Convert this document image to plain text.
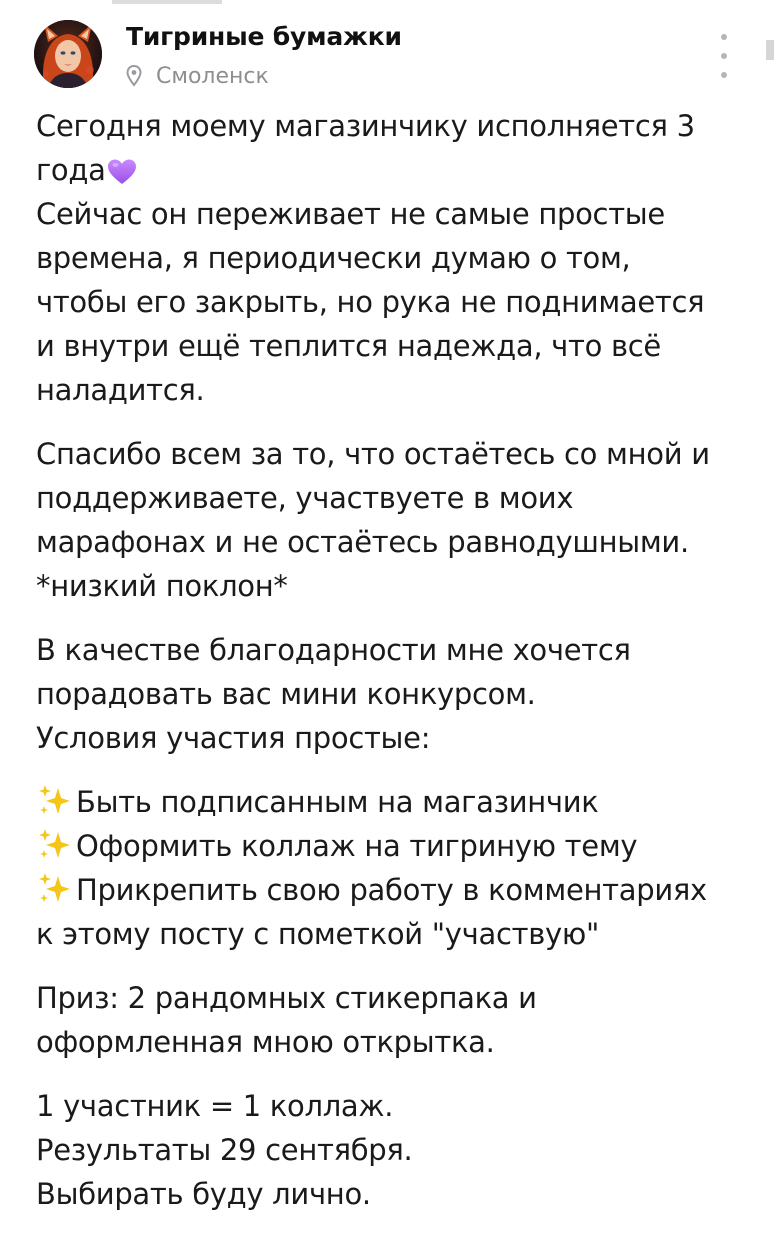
Тигриные бумажки
Смоленск
Сегодня моему магазинчику исполняется 3
года
Сейчас он переживает не самые простые
времена, я периодически думаю о том,
чтобы его закрыть, но рука не поднимается
и внутри ещё теплится надежда, что всё
наладится.
Спасибо всем за то, что остаётесь со мной и
поддерживаете, участвуете в моих
марафонах и не остаётесь равнодушными.
*низкий поклон*
В качестве благодарности мне хочется
порадовать вас мини конкурсом.
Условия участия простые:
Быть подписанным на магазинчик
Оформить коллаж на тигриную тему
Прикрепить свою работу в комментариях
к этому посту с пометкой "участвую"
Приз: 2 рандомных стикерпака и
оформленная мною открытка.
1 участник = 1 коллаж.
Результаты 29 сентября.
Выбирать буду лично.
